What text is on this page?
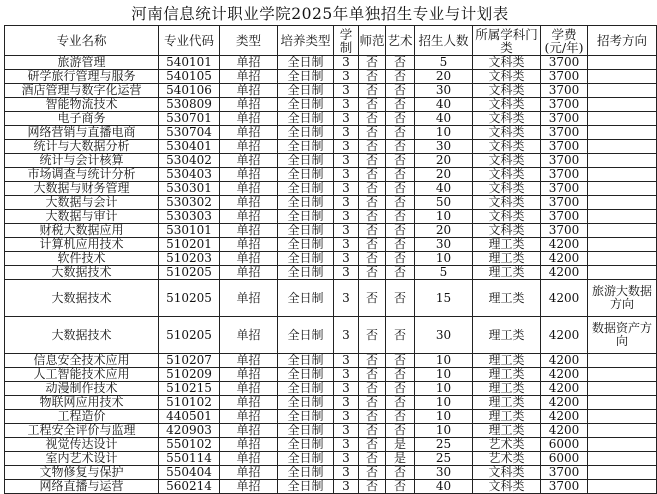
河南信息统计职业学院2025年单独招生专业与计划表
专业名称	专业代码	类型	培养类型	学制	师范	艺术	招生人数	所属学科门类	学费(元/年)	招考方向
旅游管理	540101	单招	全日制	3	否	否	5	文科类	3700	
研学旅行管理与服务	540105	单招	全日制	3	否	否	20	文科类	3700	
酒店管理与数字化运营	540106	单招	全日制	3	否	否	30	文科类	3700	
智能物流技术	530809	单招	全日制	3	否	否	40	文科类	3700	
电子商务	530701	单招	全日制	3	否	否	40	文科类	3700	
网络营销与直播电商	530704	单招	全日制	3	否	否	10	文科类	3700	
统计与大数据分析	530401	单招	全日制	3	否	否	30	文科类	3700	
统计与会计核算	530402	单招	全日制	3	否	否	20	文科类	3700	
市场调查与统计分析	530403	单招	全日制	3	否	否	20	文科类	3700	
大数据与财务管理	530301	单招	全日制	3	否	否	40	文科类	3700	
大数据与会计	530302	单招	全日制	3	否	否	50	文科类	3700	
大数据与审计	530303	单招	全日制	3	否	否	10	文科类	3700	
财税大数据应用	530101	单招	全日制	3	否	否	20	文科类	3700	
计算机应用技术	510201	单招	全日制	3	否	否	30	理工类	4200	
软件技术	510203	单招	全日制	3	否	否	10	理工类	4200	
大数据技术	510205	单招	全日制	3	否	否	5	理工类	4200	
大数据技术	510205	单招	全日制	3	否	否	15	理工类	4200	旅游大数据方向
大数据技术	510205	单招	全日制	3	否	否	30	理工类	4200	数据资产方向
信息安全技术应用	510207	单招	全日制	3	否	否	10	理工类	4200	
人工智能技术应用	510209	单招	全日制	3	否	否	10	理工类	4200	
动漫制作技术	510215	单招	全日制	3	否	否	10	理工类	4200	
物联网应用技术	510102	单招	全日制	3	否	否	10	理工类	4200	
工程造价	440501	单招	全日制	3	否	否	10	理工类	4200	
工程安全评价与监理	420903	单招	全日制	3	否	否	10	理工类	4200	
视觉传达设计	550102	单招	全日制	3	否	是	25	艺术类	6000	
室内艺术设计	550114	单招	全日制	3	否	是	25	艺术类	6000	
文物修复与保护	550404	单招	全日制	3	否	否	30	文科类	3700	
网络直播与运营	560214	单招	全日制	3	否	否	40	文科类	3700	
